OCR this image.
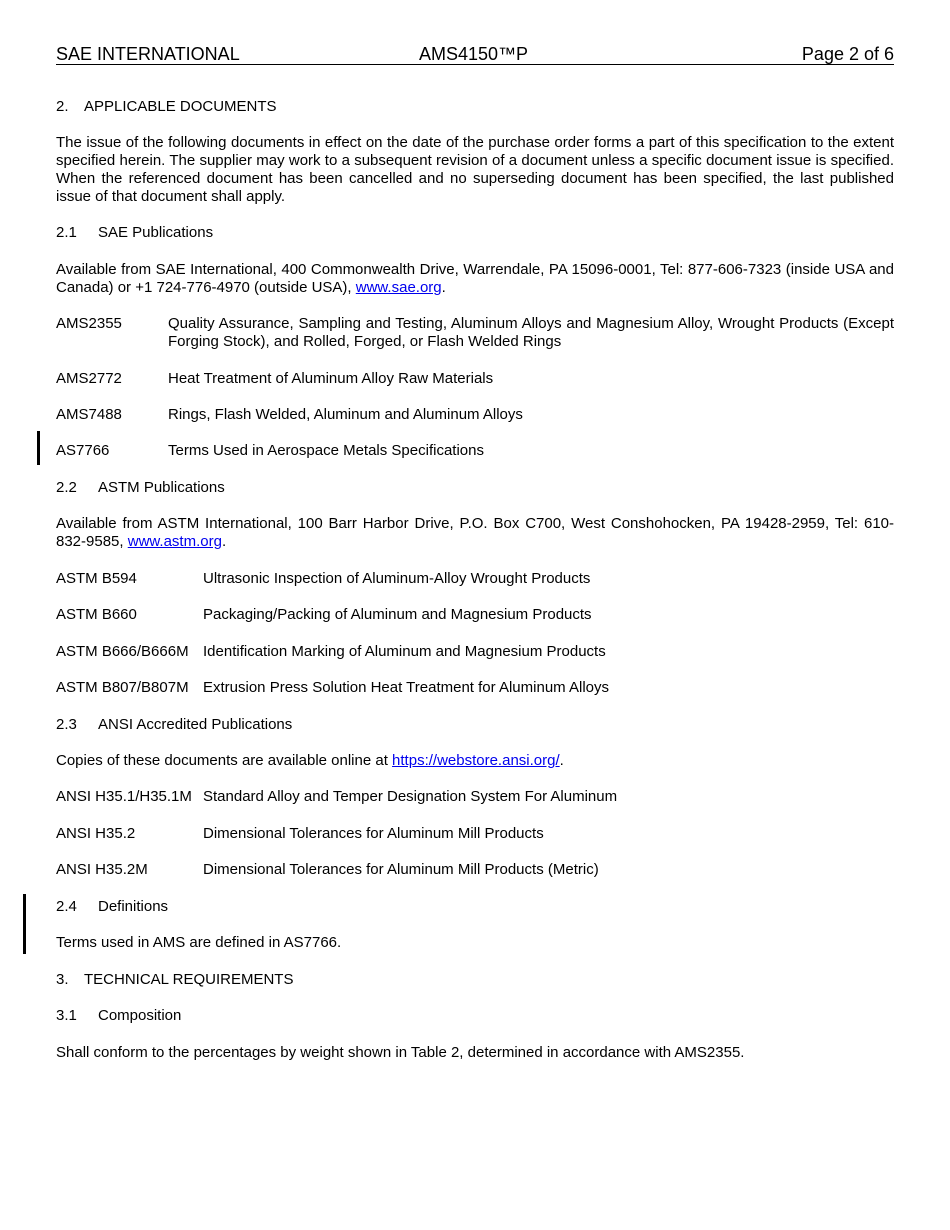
SAE INTERNATIONAL	AMS4150™P	Page 2 of 6
2. APPLICABLE DOCUMENTS
The issue of the following documents in effect on the date of the purchase order forms a part of this specification to the extent specified herein. The supplier may work to a subsequent revision of a document unless a specific document issue is specified. When the referenced document has been cancelled and no superseding document has been specified, the last published issue of that document shall apply.
2.1 SAE Publications
Available from SAE International, 400 Commonwealth Drive, Warrendale, PA 15096-0001, Tel: 877-606-7323 (inside USA and Canada) or +1 724-776-4970 (outside USA), www.sae.org.
AMS2355	Quality Assurance, Sampling and Testing, Aluminum Alloys and Magnesium Alloy, Wrought Products (Except Forging Stock), and Rolled, Forged, or Flash Welded Rings
AMS2772	Heat Treatment of Aluminum Alloy Raw Materials
AMS7488	Rings, Flash Welded, Aluminum and Aluminum Alloys
AS7766	Terms Used in Aerospace Metals Specifications
2.2 ASTM Publications
Available from ASTM International, 100 Barr Harbor Drive, P.O. Box C700, West Conshohocken, PA 19428-2959, Tel: 610-832-9585, www.astm.org.
ASTM B594	Ultrasonic Inspection of Aluminum-Alloy Wrought Products
ASTM B660	Packaging/Packing of Aluminum and Magnesium Products
ASTM B666/B666M Identification Marking of Aluminum and Magnesium Products
ASTM B807/B807M Extrusion Press Solution Heat Treatment for Aluminum Alloys
2.3 ANSI Accredited Publications
Copies of these documents are available online at https://webstore.ansi.org/.
ANSI H35.1/H35.1M Standard Alloy and Temper Designation System For Aluminum
ANSI H35.2	Dimensional Tolerances for Aluminum Mill Products
ANSI H35.2M	Dimensional Tolerances for Aluminum Mill Products (Metric)
2.4 Definitions
Terms used in AMS are defined in AS7766.
3. TECHNICAL REQUIREMENTS
3.1 Composition
Shall conform to the percentages by weight shown in Table 2, determined in accordance with AMS2355.
